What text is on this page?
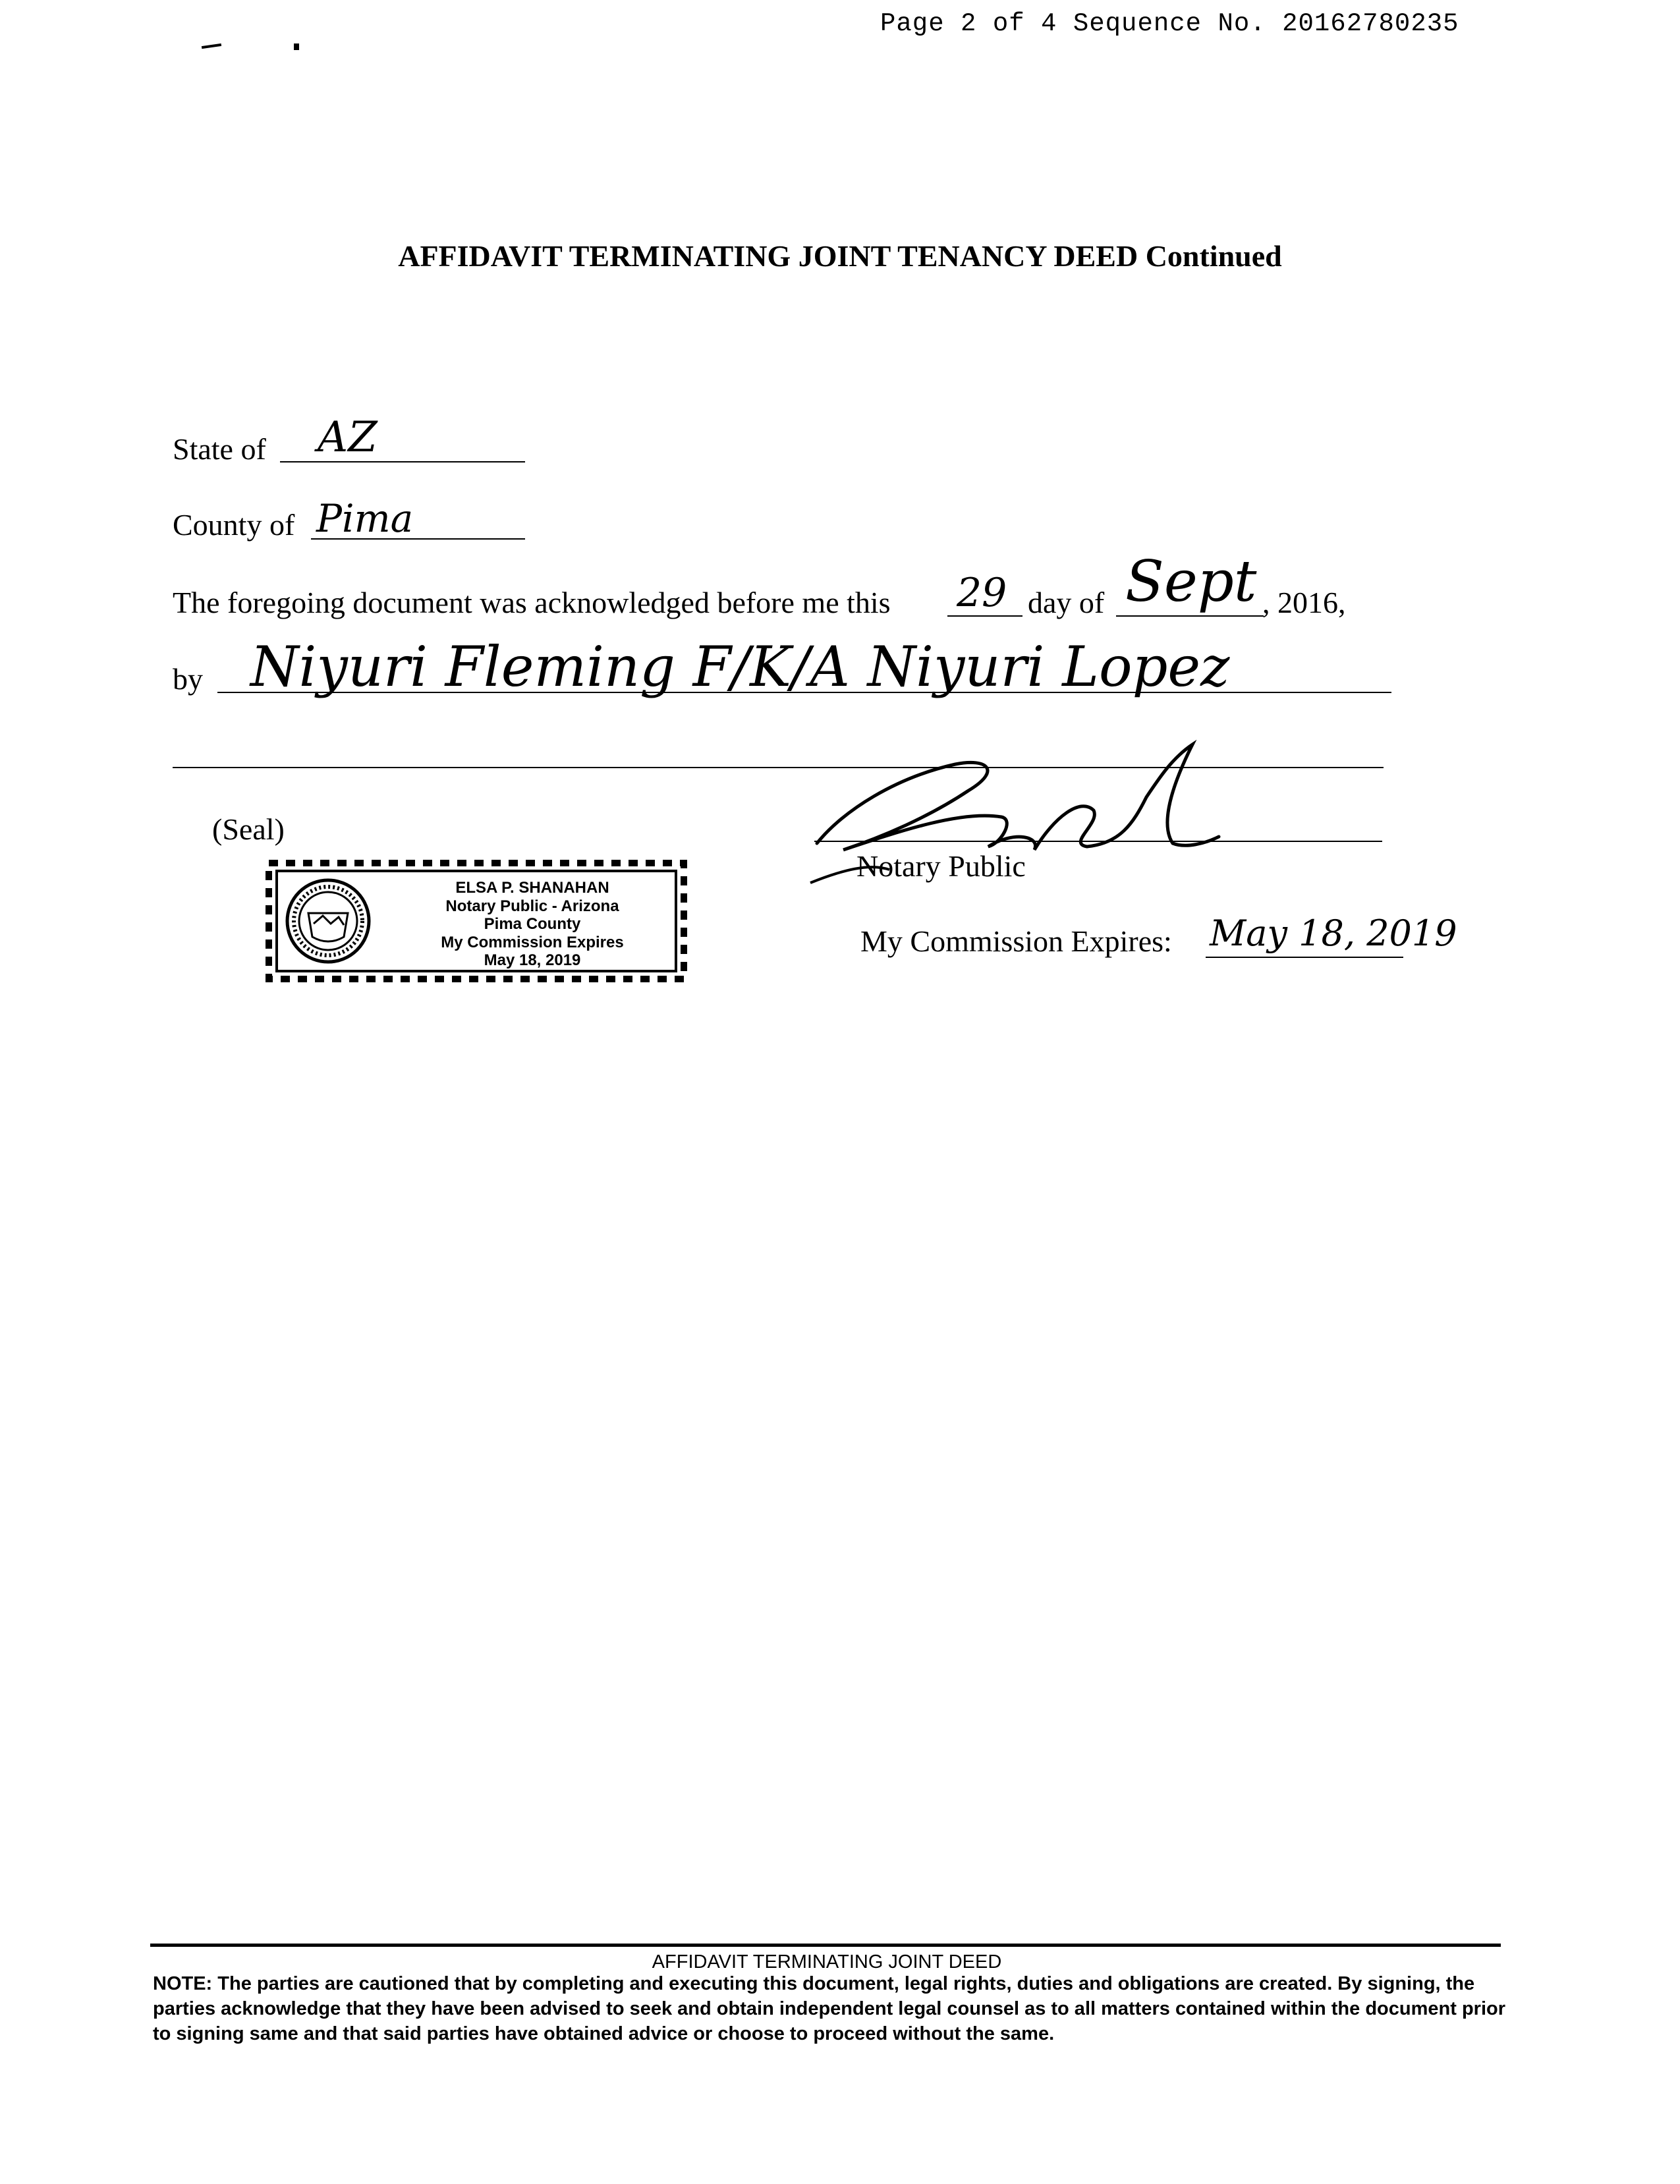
Page 2 of 4 Sequence No. 20162780235
AFFIDAVIT TERMINATING JOINT TENANCY DEED Continued
State of AZ
County of Pima
The foregoing document was acknowledged before me this 29 day of Sept , 2016,
by Niyuri Fleming F/K/A Niyuri Lopez
(Seal)
ELSA P. SHANAHAN
Notary Public - Arizona
Pima County
My Commission Expires
May 18, 2019
Notary Public
My Commission Expires: May 18, 2019
AFFIDAVIT TERMINATING JOINT DEED
NOTE: The parties are cautioned that by completing and executing this document, legal rights, duties and obligations are created. By signing, the parties acknowledge that they have been advised to seek and obtain independent legal counsel as to all matters contained within the document prior to signing same and that said parties have obtained advice or choose to proceed without the same.
